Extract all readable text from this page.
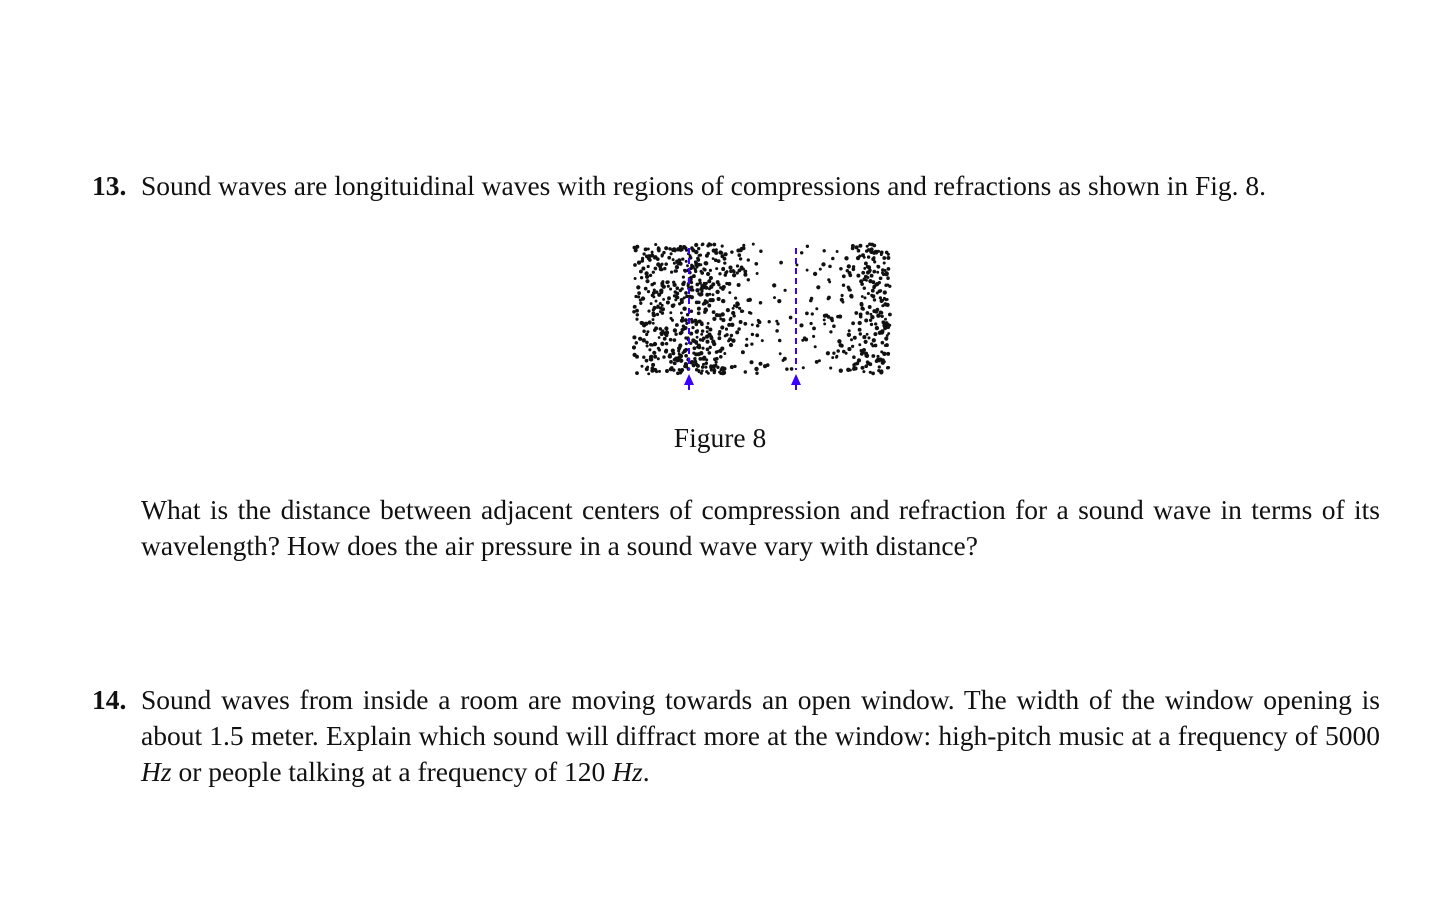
13. Sound waves are longituidinal waves with regions of compressions and refractions as shown in Fig. 8.
Figure 8
What is the distance between adjacent centers of compression and refraction for a sound wave in terms of its wavelength? How does the air pressure in a sound wave vary with distance?
14. Sound waves from inside a room are moving towards an open window. The width of the window opening is about 1.5 meter. Explain which sound will diffract more at the window: high-pitch music at a frequency of 5000 Hz or people talking at a frequency of 120 Hz.
